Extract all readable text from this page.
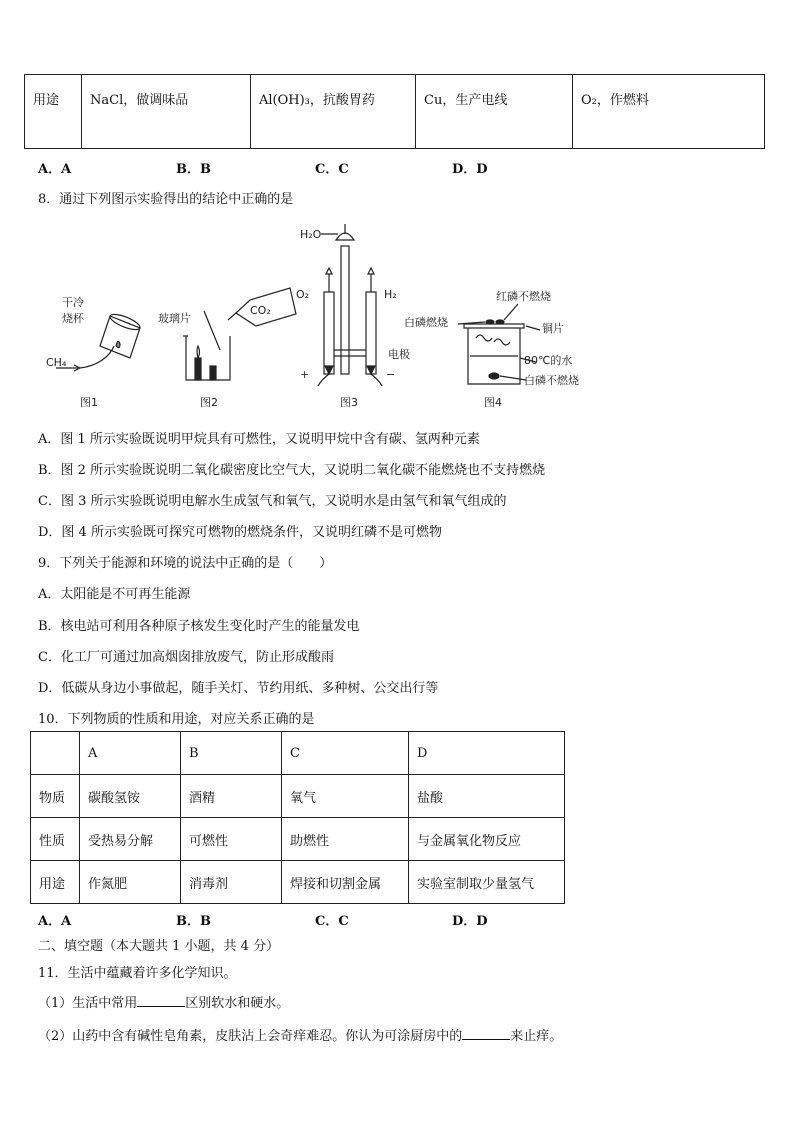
用途	NaCl，做调味品	Al(OH)₃，抗酸胃药	Cu，生产电线	O₂，作燃料
A．A	B．B	C．C	D．D
8．通过下列图示实验得出的结论中正确的是
干冷
烧杯
CH₄
玻璃片
CO₂
H₂O
O₂	H₂
电极
+	−
红磷不燃烧
白磷燃烧	铜片
80℃的水
白磷不燃烧
图1	图2	图3	图4
A．图 1 所示实验既说明甲烷具有可燃性，又说明甲烷中含有碳、氢两种元素
B．图 2 所示实验既说明二氧化碳密度比空气大，又说明二氧化碳不能燃烧也不支持燃烧
C．图 3 所示实验既说明电解水生成氢气和氧气，又说明水是由氢气和氧气组成的
D．图 4 所示实验既可探究可燃物的燃烧条件，又说明红磷不是可燃物
9．下列关于能源和环境的说法中正确的是（　　）
A．太阳能是不可再生能源
B．核电站可利用各种原子核发生变化时产生的能量发电
C．化工厂可通过加高烟囱排放废气，防止形成酸雨
D．低碳从身边小事做起，随手关灯、节约用纸、多种树、公交出行等
10．下列物质的性质和用途，对应关系正确的是
	A	B	C	D
物质	碳酸氢铵	酒精	氧气	盐酸
性质	受热易分解	可燃性	助燃性	与金属氧化物反应
用途	作氮肥	消毒剂	焊接和切割金属	实验室制取少量氢气
A．A	B．B	C．C	D．D
二、填空题（本大题共 1 小题，共 4 分）
11．生活中蕴藏着许多化学知识。
（1）生活中常用	区别软水和硬水。
（2）山药中含有碱性皂角素，皮肤沾上会奇痒难忍。你认为可涂厨房中的	来止痒。
